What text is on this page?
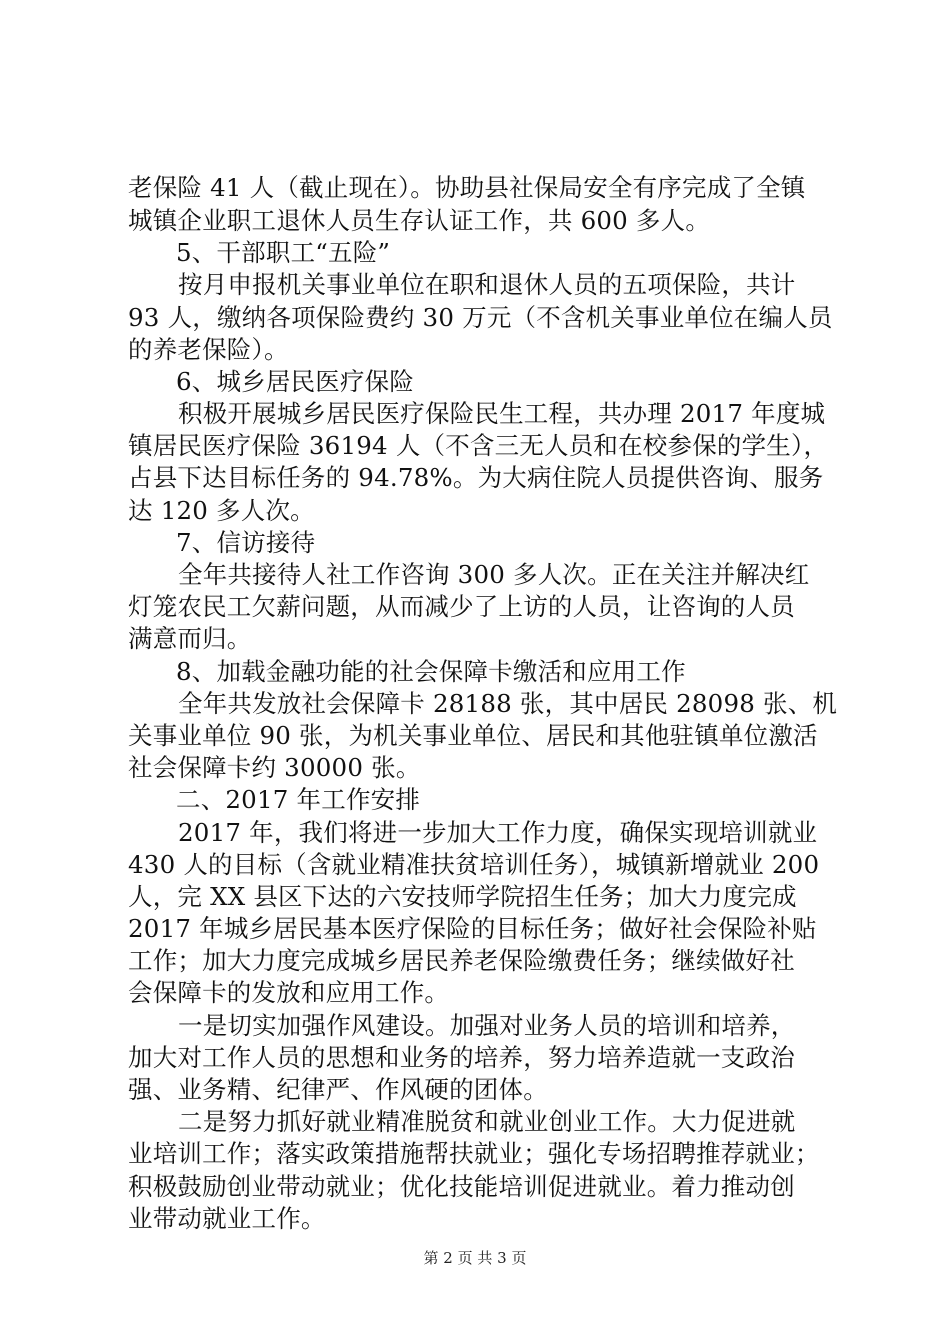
老保险 41 人（截止现在）。协助县社保局安全有序完成了全镇
城镇企业职工退休人员生存认证工作，共 600 多人。
5、干部职工“五险”
按月申报机关事业单位在职和退休人员的五项保险，共计
93 人，缴纳各项保险费约 30 万元（不含机关事业单位在编人员
的养老保险）。
6、城乡居民医疗保险
积极开展城乡居民医疗保险民生工程，共办理 2017 年度城
镇居民医疗保险 36194 人（不含三无人员和在校参保的学生），
占县下达目标任务的 94.78%。为大病住院人员提供咨询、服务
达 120 多人次。
7、信访接待
全年共接待人社工作咨询 300 多人次。正在关注并解决红
灯笼农民工欠薪问题，从而减少了上访的人员，让咨询的人员
满意而归。
8、加载金融功能的社会保障卡缴活和应用工作
全年共发放社会保障卡 28188 张，其中居民 28098 张、机
关事业单位 90 张，为机关事业单位、居民和其他驻镇单位激活
社会保障卡约 30000 张。
二、2017 年工作安排
2017 年，我们将进一步加大工作力度，确保实现培训就业
430 人的目标（含就业精准扶贫培训任务），城镇新增就业 200
人，完 XX 县区下达的六安技师学院招生任务；加大力度完成
2017 年城乡居民基本医疗保险的目标任务；做好社会保险补贴
工作；加大力度完成城乡居民养老保险缴费任务；继续做好社
会保障卡的发放和应用工作。
一是切实加强作风建设。加强对业务人员的培训和培养，
加大对工作人员的思想和业务的培养，努力培养造就一支政治
强、业务精、纪律严、作风硬的团体。
二是努力抓好就业精准脱贫和就业创业工作。大力促进就
业培训工作；落实政策措施帮扶就业；强化专场招聘推荐就业；
积极鼓励创业带动就业；优化技能培训促进就业。着力推动创
业带动就业工作。
第 2 页 共 3 页
